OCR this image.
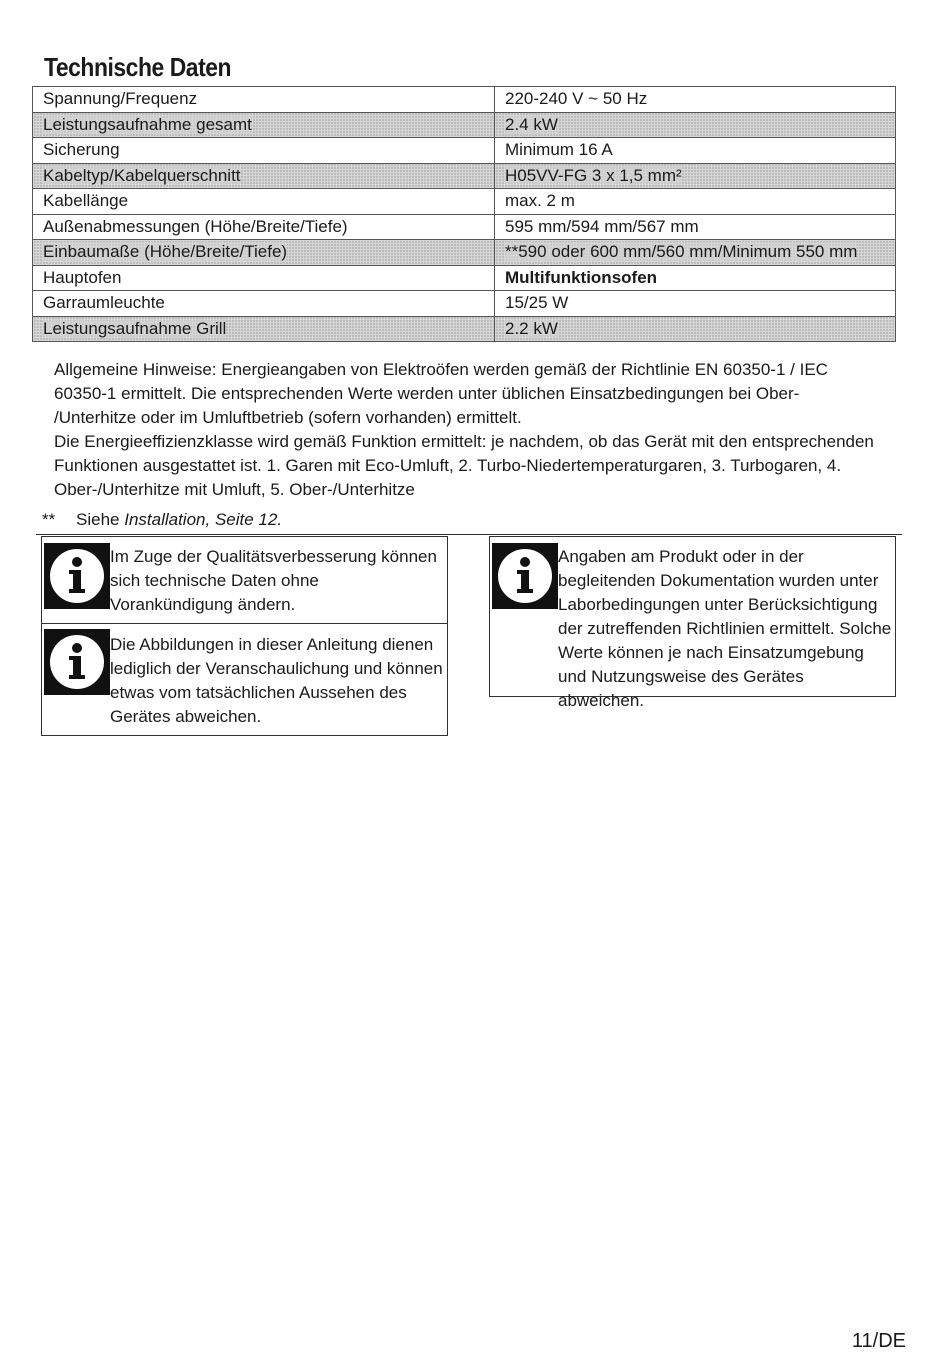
Technische Daten
Spannung/Frequenz	220-240 V ~ 50 Hz
Leistungsaufnahme gesamt	2.4 kW
Sicherung	Minimum 16 A
Kabeltyp/Kabelquerschnitt	H05VV-FG 3 x 1,5 mm²
Kabellänge	max. 2 m
Außenabmessungen (Höhe/Breite/Tiefe)	595 mm/594 mm/567 mm
Einbaumaße (Höhe/Breite/Tiefe)	**590 oder 600 mm/560 mm/Minimum 550 mm
Hauptofen	Multifunktionsofen
Garraumleuchte	15/25 W
Leistungsaufnahme Grill	2.2 kW

Allgemeine Hinweise: Energieangaben von Elektroöfen werden gemäß der Richtlinie EN 60350-1 / IEC 60350-1 ermittelt. Die entsprechenden Werte werden unter üblichen Einsatzbedingungen bei Ober- /Unterhitze oder im Umluftbetrieb (sofern vorhanden) ermittelt.

Die Energieeffizienzklasse wird gemäß Funktion ermittelt: je nachdem, ob das Gerät mit den entsprechenden Funktionen ausgestattet ist. 1. Garen mit Eco-Umluft, 2. Turbo-Niedertemperaturgaren, 3. Turbogaren, 4. Ober-/Unterhitze mit Umluft, 5. Ober-/Unterhitze

** Siehe Installation, Seite 12.
Im Zuge der Qualitätsverbesserung können sich technische Daten ohne Vorankündigung ändern.
Die Abbildungen in dieser Anleitung dienen lediglich der Veranschaulichung und können etwas vom tatsächlichen Aussehen des Gerätes abweichen.
Angaben am Produkt oder in der begleitenden Dokumentation wurden unter Laborbedingungen unter Berücksichtigung der zutreffenden Richtlinien ermittelt. Solche Werte können je nach Einsatzumgebung und Nutzungsweise des Gerätes abweichen.
11/DE
